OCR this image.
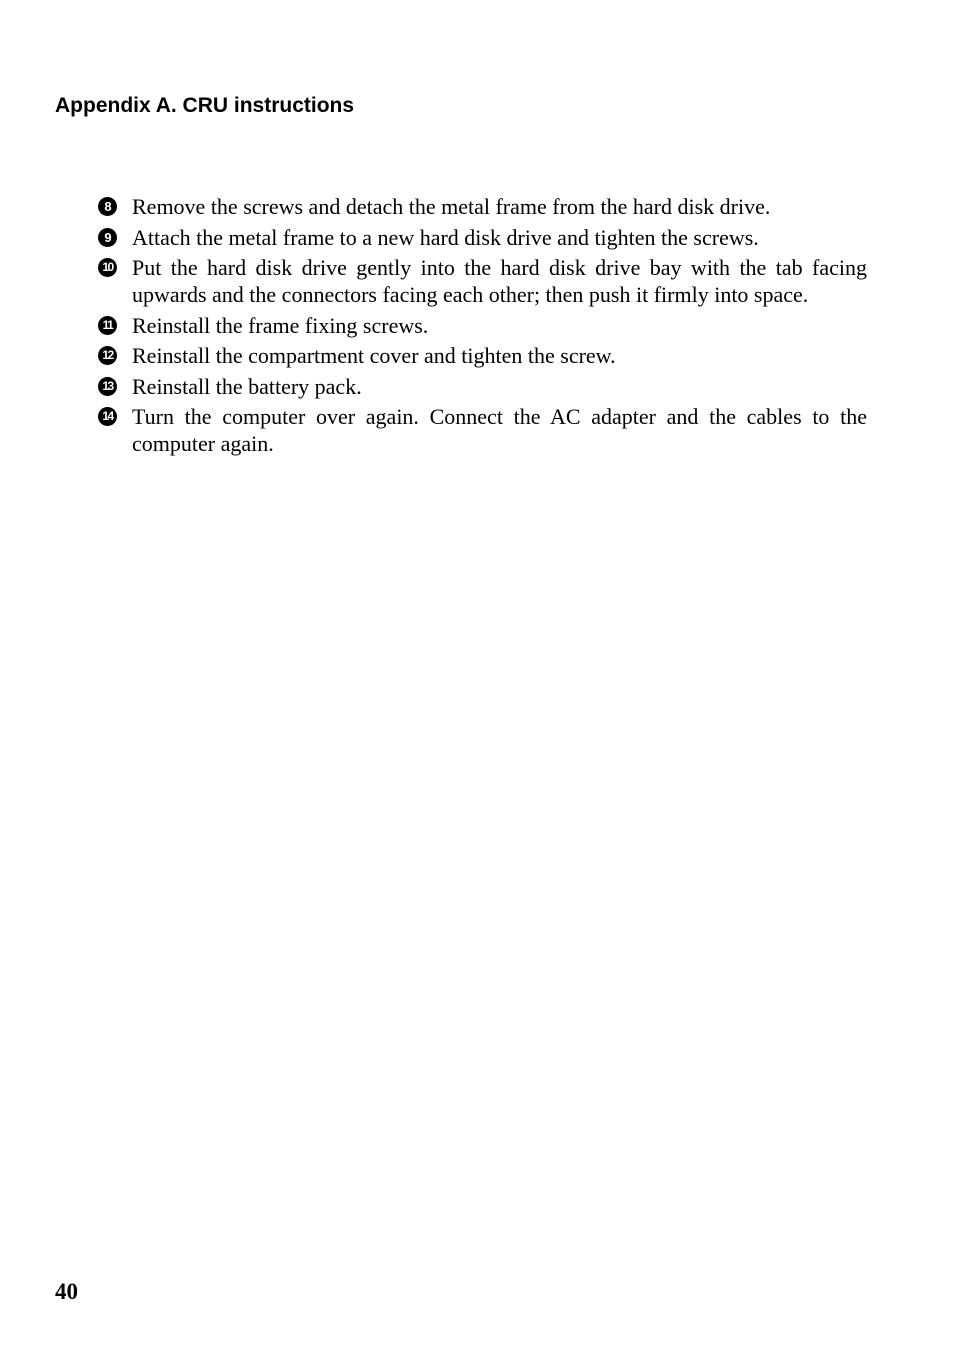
Appendix A. CRU instructions
8 Remove the screws and detach the metal frame from the hard disk drive.
9 Attach the metal frame to a new hard disk drive and tighten the screws.
10 Put the hard disk drive gently into the hard disk drive bay with the tab facing upwards and the connectors facing each other; then push it firmly into space.
11 Reinstall the frame fixing screws.
12 Reinstall the compartment cover and tighten the screw.
13 Reinstall the battery pack.
14 Turn the computer over again. Connect the AC adapter and the cables to the computer again.
40
